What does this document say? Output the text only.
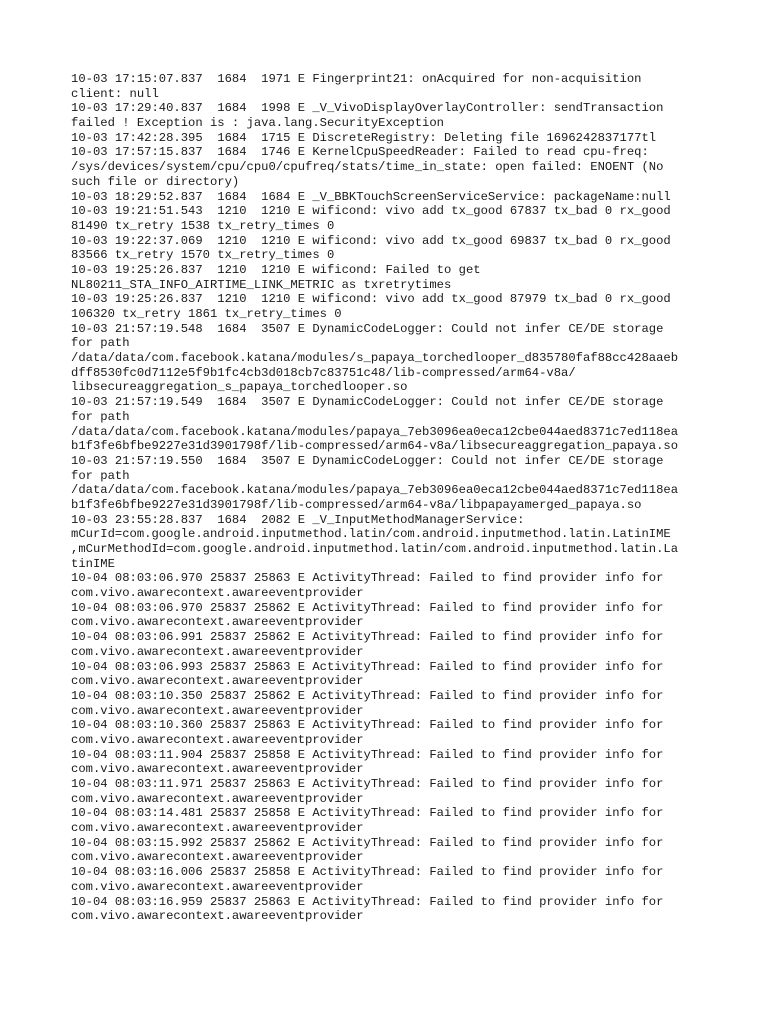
10-03 17:15:07.837  1684  1971 E Fingerprint21: onAcquired for non-acquisition
client: null
10-03 17:29:40.837  1684  1998 E _V_VivoDisplayOverlayController: sendTransaction
failed ! Exception is : java.lang.SecurityException
10-03 17:42:28.395  1684  1715 E DiscreteRegistry: Deleting file 1696242837177tl
10-03 17:57:15.837  1684  1746 E KernelCpuSpeedReader: Failed to read cpu-freq:
/sys/devices/system/cpu/cpu0/cpufreq/stats/time_in_state: open failed: ENOENT (No
such file or directory)
10-03 18:29:52.837  1684  1684 E _V_BBKTouchScreenServiceService: packageName:null
10-03 19:21:51.543  1210  1210 E wificond: vivo add tx_good 67837 tx_bad 0 rx_good
81490 tx_retry 1538 tx_retry_times 0
10-03 19:22:37.069  1210  1210 E wificond: vivo add tx_good 69837 tx_bad 0 rx_good
83566 tx_retry 1570 tx_retry_times 0
10-03 19:25:26.837  1210  1210 E wificond: Failed to get
NL80211_STA_INFO_AIRTIME_LINK_METRIC as txretrytimes
10-03 19:25:26.837  1210  1210 E wificond: vivo add tx_good 87979 tx_bad 0 rx_good
106320 tx_retry 1861 tx_retry_times 0
10-03 21:57:19.548  1684  3507 E DynamicCodeLogger: Could not infer CE/DE storage
for path
/data/data/com.facebook.katana/modules/s_papaya_torchedlooper_d835780faf88cc428aaeb
dff8530fc0d7112e5f9b1fc4cb3d018cb7c83751c48/lib-compressed/arm64-v8a/
libsecureaggregation_s_papaya_torchedlooper.so
10-03 21:57:19.549  1684  3507 E DynamicCodeLogger: Could not infer CE/DE storage
for path
/data/data/com.facebook.katana/modules/papaya_7eb3096ea0eca12cbe044aed8371c7ed118ea
b1f3fe6bfbe9227e31d3901798f/lib-compressed/arm64-v8a/libsecureaggregation_papaya.so
10-03 21:57:19.550  1684  3507 E DynamicCodeLogger: Could not infer CE/DE storage
for path
/data/data/com.facebook.katana/modules/papaya_7eb3096ea0eca12cbe044aed8371c7ed118ea
b1f3fe6bfbe9227e31d3901798f/lib-compressed/arm64-v8a/libpapayamerged_papaya.so
10-03 23:55:28.837  1684  2082 E _V_InputMethodManagerService:
mCurId=com.google.android.inputmethod.latin/com.android.inputmethod.latin.LatinIME
,mCurMethodId=com.google.android.inputmethod.latin/com.android.inputmethod.latin.La
tinIME
10-04 08:03:06.970 25837 25863 E ActivityThread: Failed to find provider info for
com.vivo.awarecontext.awareeventprovider
10-04 08:03:06.970 25837 25862 E ActivityThread: Failed to find provider info for
com.vivo.awarecontext.awareeventprovider
10-04 08:03:06.991 25837 25862 E ActivityThread: Failed to find provider info for
com.vivo.awarecontext.awareeventprovider
10-04 08:03:06.993 25837 25863 E ActivityThread: Failed to find provider info for
com.vivo.awarecontext.awareeventprovider
10-04 08:03:10.350 25837 25862 E ActivityThread: Failed to find provider info for
com.vivo.awarecontext.awareeventprovider
10-04 08:03:10.360 25837 25863 E ActivityThread: Failed to find provider info for
com.vivo.awarecontext.awareeventprovider
10-04 08:03:11.904 25837 25858 E ActivityThread: Failed to find provider info for
com.vivo.awarecontext.awareeventprovider
10-04 08:03:11.971 25837 25863 E ActivityThread: Failed to find provider info for
com.vivo.awarecontext.awareeventprovider
10-04 08:03:14.481 25837 25858 E ActivityThread: Failed to find provider info for
com.vivo.awarecontext.awareeventprovider
10-04 08:03:15.992 25837 25862 E ActivityThread: Failed to find provider info for
com.vivo.awarecontext.awareeventprovider
10-04 08:03:16.006 25837 25858 E ActivityThread: Failed to find provider info for
com.vivo.awarecontext.awareeventprovider
10-04 08:03:16.959 25837 25863 E ActivityThread: Failed to find provider info for
com.vivo.awarecontext.awareeventprovider
